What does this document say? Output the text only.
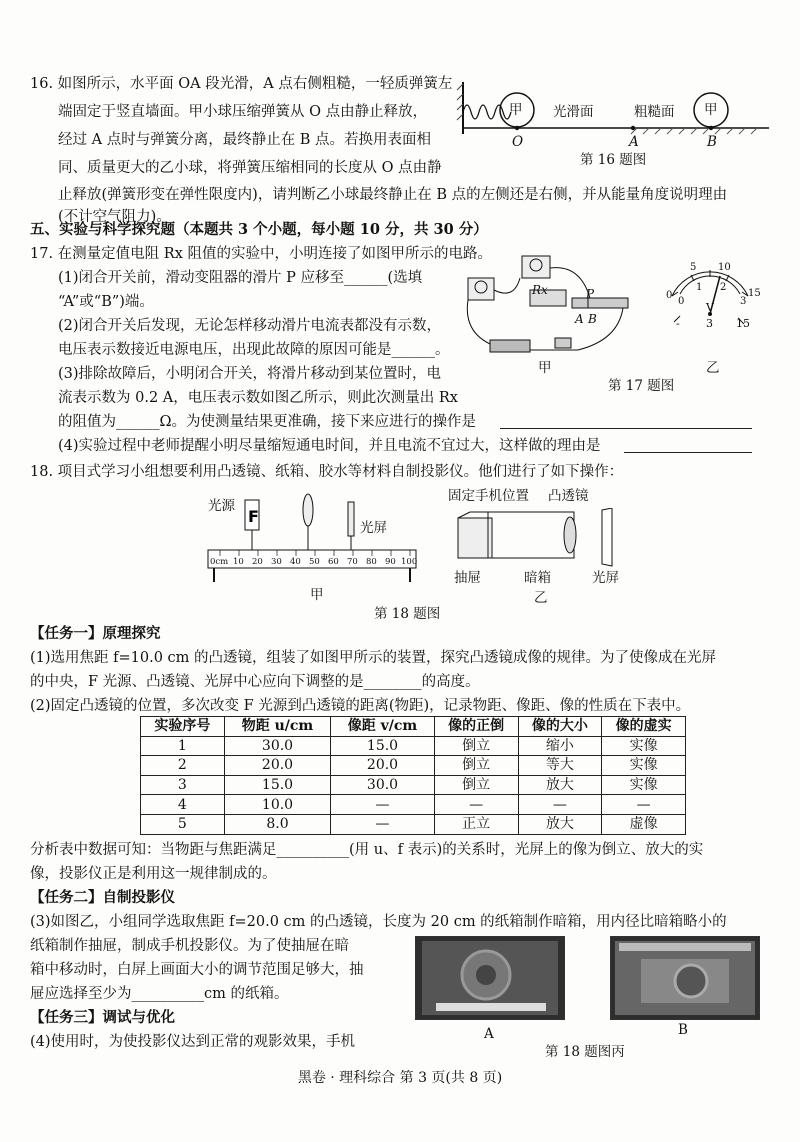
16. 如图所示，水平面 OA 段光滑，A 点右侧粗糙，一轻质弹簧左
端固定于竖直墙面。甲小球压缩弹簧从 O 点由静止释放，
经过 A 点时与弹簧分离，最终静止在 B 点。若换用表面相
同、质量更大的乙小球，将弹簧压缩相同的长度从 O 点由静
止释放(弹簧形变在弹性限度内)，请判断乙小球最终静止在 B 点的左侧还是右侧，并从能量角度说明理由
(不计空气阻力)。
甲 光滑面	粗糙面 甲
O	A	B
第 16 题图
五、实验与科学探究题（本题共 3 个小题，每小题 10 分，共 30 分）
17. 在测量定值电阻 Rx 阻值的实验中，小明连接了如图甲所示的电路。
(1)闭合开关前，滑动变阻器的滑片 P 应移至______(选填
“A”或“B”)端。
(2)闭合开关后发现，无论怎样移动滑片电流表都没有示数，
电压表示数接近电源电压，出现此故障的原因可能是______。
(3)排除故障后，小明闭合开关，将滑片移动到某位置时，电
流表示数为 0.2 A，电压表示数如图乙所示，则此次测量出 Rx
的阻值为______Ω。为使测量结果更准确，接下来应进行的操作是
(4)实验过程中老师提醒小明尽量缩短通电时间，并且电流不宜过大，这样做的理由是
Rx	P
A B
甲
5 10
0	15
0
1 2
3
V
- 3 15
乙
第 17 题图
18. 项目式学习小组想要利用凸透镜、纸箱、胶水等材料自制投影仪。他们进行了如下操作：
F
光源
光屏
0cm 10 20 30 40 50 60 70 80 90 100
甲
固定手机位置 凸透镜
抽屉	暗箱	光屏
乙
第 18 题图
【任务一】原理探究
(1)选用焦距 f=10.0 cm 的凸透镜，组装了如图甲所示的装置，探究凸透镜成像的规律。为了使像成在光屏
的中央，F 光源、凸透镜、光屏中心应向下调整的是________的高度。
(2)固定凸透镜的位置，多次改变 F 光源到凸透镜的距离(物距)，记录物距、像距、像的性质在下表中。
实验序号	物距 u/cm	像距 v/cm	像的正倒	像的大小	像的虚实
1	30.0	15.0	倒立	缩小	实像
2	20.0	20.0	倒立	等大	实像
3	15.0	30.0	倒立	放大	实像
4	10.0	—	—	—	—
5	8.0	—	正立	放大	虚像
分析表中数据可知：当物距与焦距满足__________(用 u、f 表示)的关系时，光屏上的像为倒立、放大的实
像，投影仪正是利用这一规律制成的。
【任务二】自制投影仪
(3)如图乙，小组同学选取焦距 f=20.0 cm 的凸透镜，长度为 20 cm 的纸箱制作暗箱，用内径比暗箱略小的
纸箱制作抽屉，制成手机投影仪。为了使抽屉在暗
箱中移动时，白屏上画面大小的调节范围足够大，抽
屉应选择至少为__________cm 的纸箱。
【任务三】调试与优化
(4)使用时，为使投影仪达到正常的观影效果，手机	A	B
第 18 题图丙
黑卷 · 理科综合 第 3 页(共 8 页)
